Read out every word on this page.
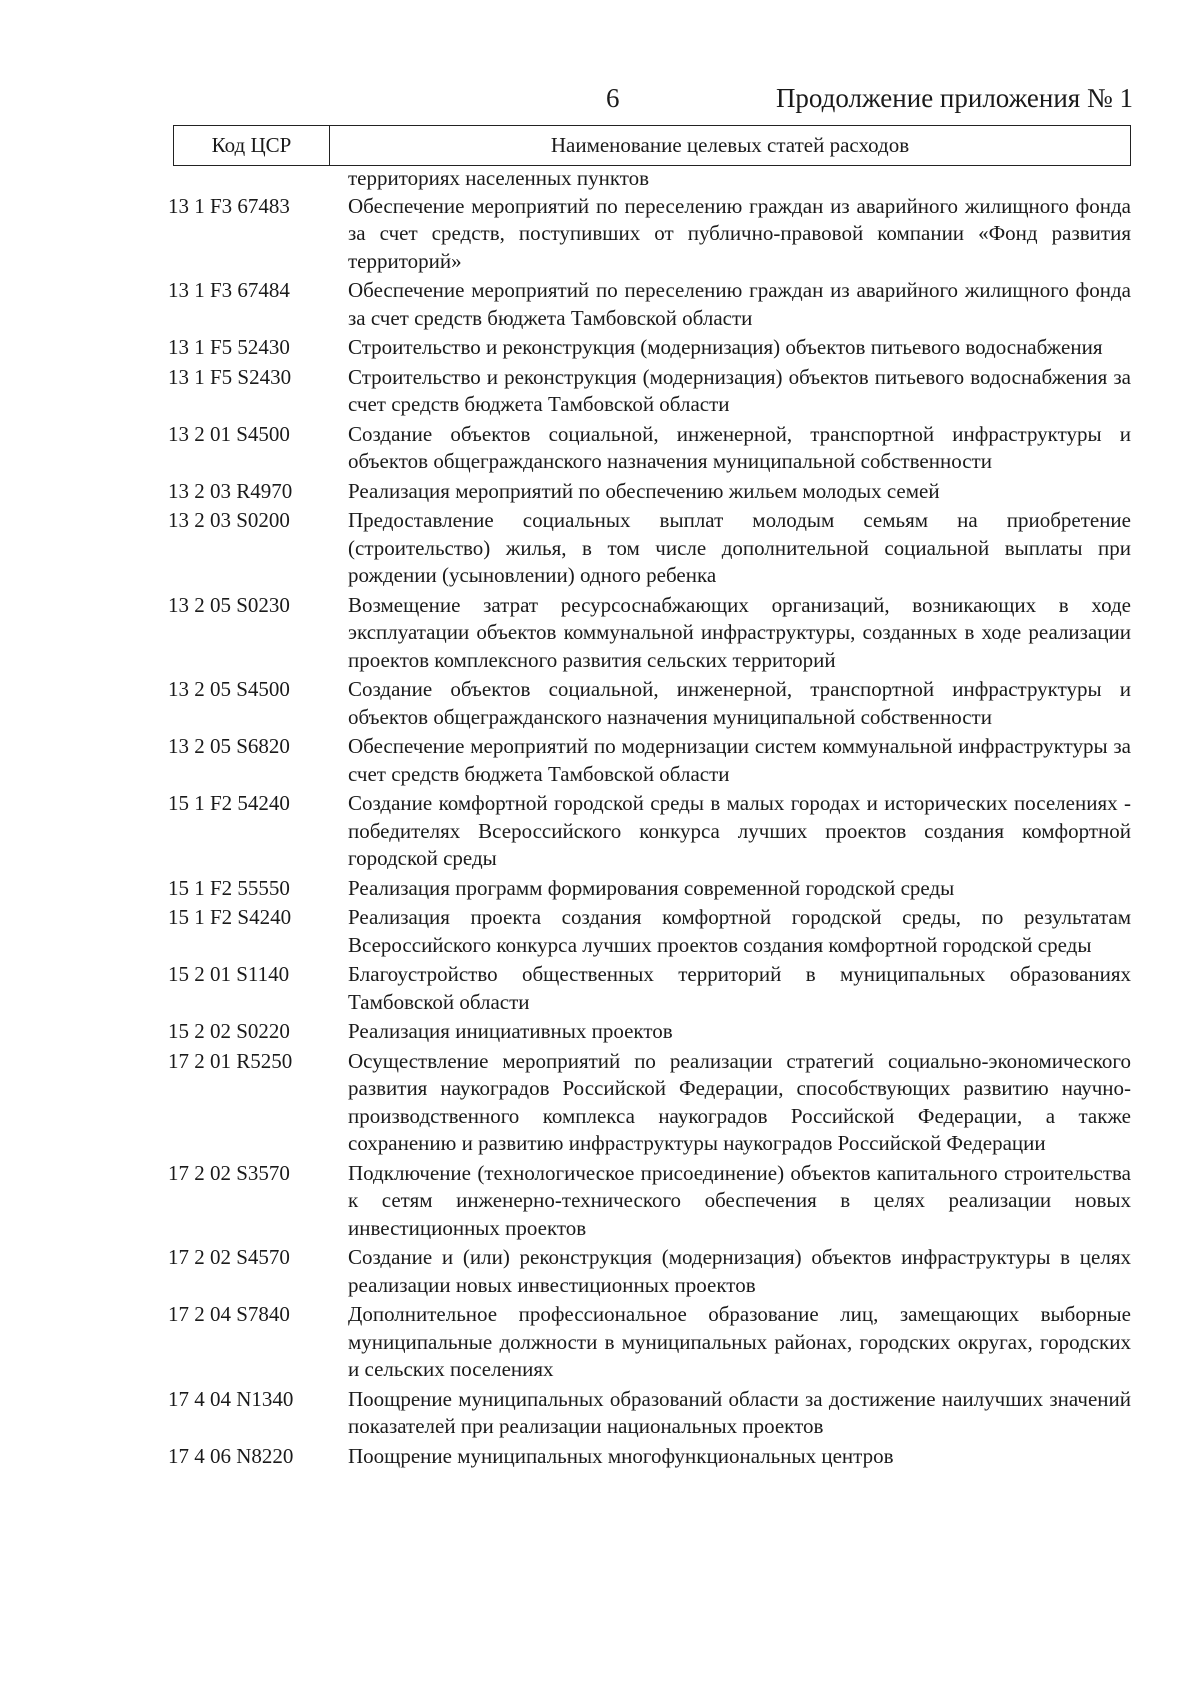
6	Продолжение приложения № 1
Код ЦСР	Наименование целевых статей расходов
территориях населенных пунктов
13 1 F3 67483	Обеспечение мероприятий по переселению граждан из аварийного жилищного фонда за счет средств, поступивших от публично-правовой компании «Фонд развития территорий»
13 1 F3 67484	Обеспечение мероприятий по переселению граждан из аварийного жилищного фонда за счет средств бюджета Тамбовской области
13 1 F5 52430	Строительство и реконструкция (модернизация) объектов питьевого водоснабжения
13 1 F5 S2430	Строительство и реконструкция (модернизация) объектов питьевого водоснабжения за счет средств бюджета Тамбовской области
13 2 01 S4500	Создание объектов социальной, инженерной, транспортной инфраструктуры и объектов общегражданского назначения муниципальной собственности
13 2 03 R4970	Реализация мероприятий по обеспечению жильем молодых семей
13 2 03 S0200	Предоставление социальных выплат молодым семьям на приобретение (строительство) жилья, в том числе дополнительной социальной выплаты при рождении (усыновлении) одного ребенка
13 2 05 S0230	Возмещение затрат ресурсоснабжающих организаций, возникающих в ходе эксплуатации объектов коммунальной инфраструктуры, созданных в ходе реализации проектов комплексного развития сельских территорий
13 2 05 S4500	Создание объектов социальной, инженерной, транспортной инфраструктуры и объектов общегражданского назначения муниципальной собственности
13 2 05 S6820	Обеспечение мероприятий по модернизации систем коммунальной инфраструктуры за счет средств бюджета Тамбовской области
15 1 F2 54240	Создание комфортной городской среды в малых городах и исторических поселениях - победителях Всероссийского конкурса лучших проектов создания комфортной городской среды
15 1 F2 55550	Реализация программ формирования современной городской среды
15 1 F2 S4240	Реализация проекта создания комфортной городской среды, по результатам Всероссийского конкурса лучших проектов создания комфортной городской среды
15 2 01 S1140	Благоустройство общественных территорий в муниципальных образованиях Тамбовской области
15 2 02 S0220	Реализация инициативных проектов
17 2 01 R5250	Осуществление мероприятий по реализации стратегий социально-экономического развития наукоградов Российской Федерации, способствующих развитию научно-производственного комплекса наукоградов Российской Федерации, а также сохранению и развитию инфраструктуры наукоградов Российской Федерации
17 2 02 S3570	Подключение (технологическое присоединение) объектов капитального строительства к сетям инженерно-технического обеспечения в целях реализации новых инвестиционных проектов
17 2 02 S4570	Создание и (или) реконструкция (модернизация) объектов инфраструктуры в целях реализации новых инвестиционных проектов
17 2 04 S7840	Дополнительное профессиональное образование лиц, замещающих выборные муниципальные должности в муниципальных районах, городских округах, городских и сельских поселениях
17 4 04 N1340	Поощрение муниципальных образований области за достижение наилучших значений показателей при реализации национальных проектов
17 4 06 N8220	Поощрение муниципальных многофункциональных центров
